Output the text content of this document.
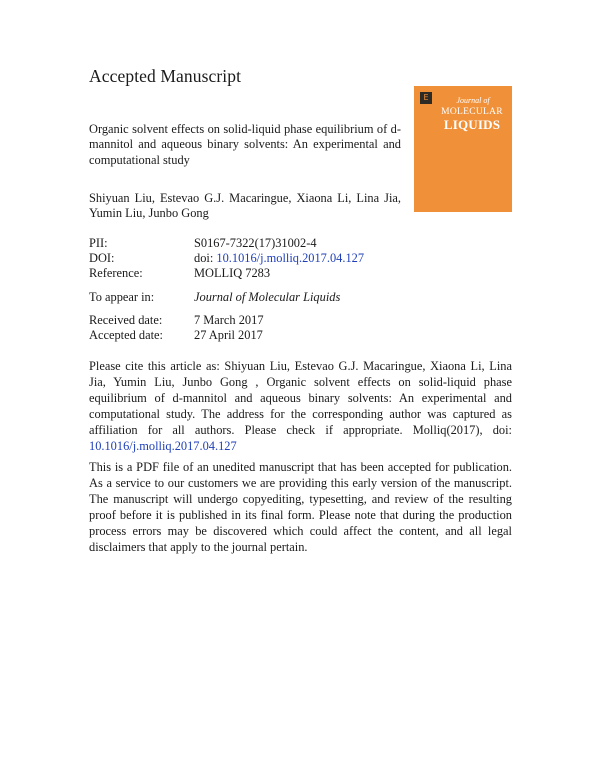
Accepted Manuscript
Organic solvent effects on solid-liquid phase equilibrium of d-mannitol and aqueous binary solvents: An experimental and computational study
Shiyuan Liu, Estevao G.J. Macaringue, Xiaona Li, Lina Jia, Yumin Liu, Junbo Gong
E	Journal of
MOLECULAR
LIQUIDS
PII:	S0167-7322(17)31002-4
DOI:	doi: 10.1016/j.molliq.2017.04.127
Reference:	MOLLIQ 7283
To appear in:	Journal of Molecular Liquids
Received date:	7 March 2017
Accepted date:	27 April 2017
Please cite this article as: Shiyuan Liu, Estevao G.J. Macaringue, Xiaona Li, Lina Jia, Yumin Liu, Junbo Gong , Organic solvent effects on solid-liquid phase equilibrium of d-mannitol and aqueous binary solvents: An experimental and computational study. The address for the corresponding author was captured as affiliation for all authors. Please check if appropriate. Molliq(2017), doi: 10.1016/j.molliq.2017.04.127
This is a PDF file of an unedited manuscript that has been accepted for publication. As a service to our customers we are providing this early version of the manuscript. The manuscript will undergo copyediting, typesetting, and review of the resulting proof before it is published in its final form. Please note that during the production process errors may be discovered which could affect the content, and all legal disclaimers that apply to the journal pertain.
